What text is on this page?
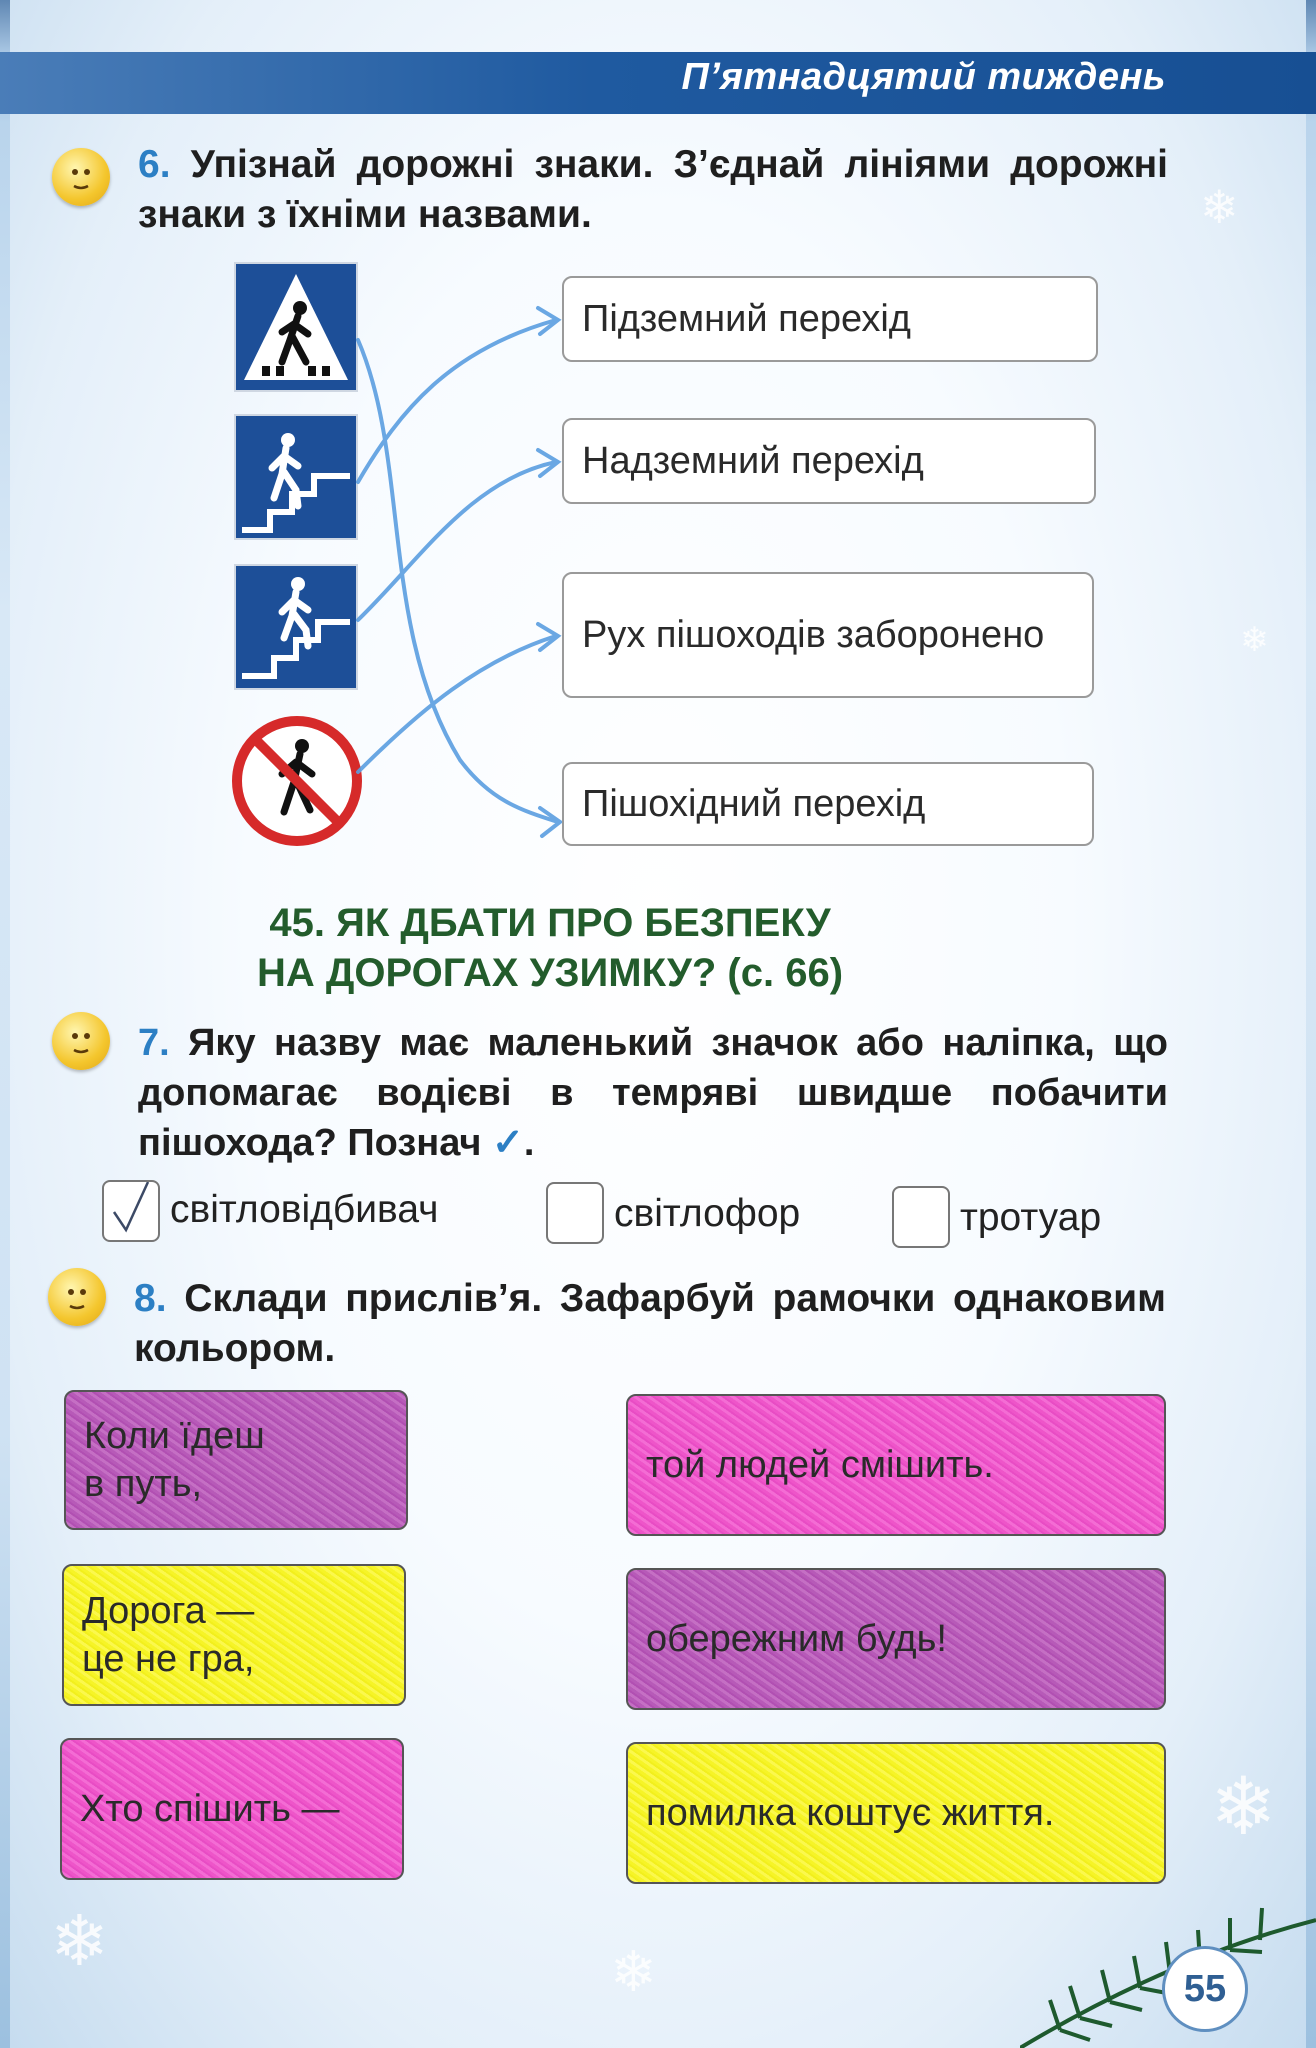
❄
❄
❄
❄	❄
П’ятнадцятий тиждень
6. Упізнай дорожні знаки. З’єднай лініями дорожні знаки з їхніми назвами.
Підземний перехід
Надземний перехід
Рух пішоходів заборонено
Пішохідний перехід
45. ЯК ДБАТИ ПРО БЕЗПЕКУ
НА ДОРОГАХ УЗИМКУ? (с. 66)
7. Яку назву має маленький значок або наліпка, що допомагає водієві в темряві швидше побачити пішохода? Познач ✓.
світловідбивач	світлофор	тротуар
8. Склади прислів’я. Зафарбуй рамочки однаковим кольором.
Коли їдеш
в путь,
Дорога —
це не гра,
Хто спішить —
той людей смішить.
обережним будь!
помилка коштує життя.
55
